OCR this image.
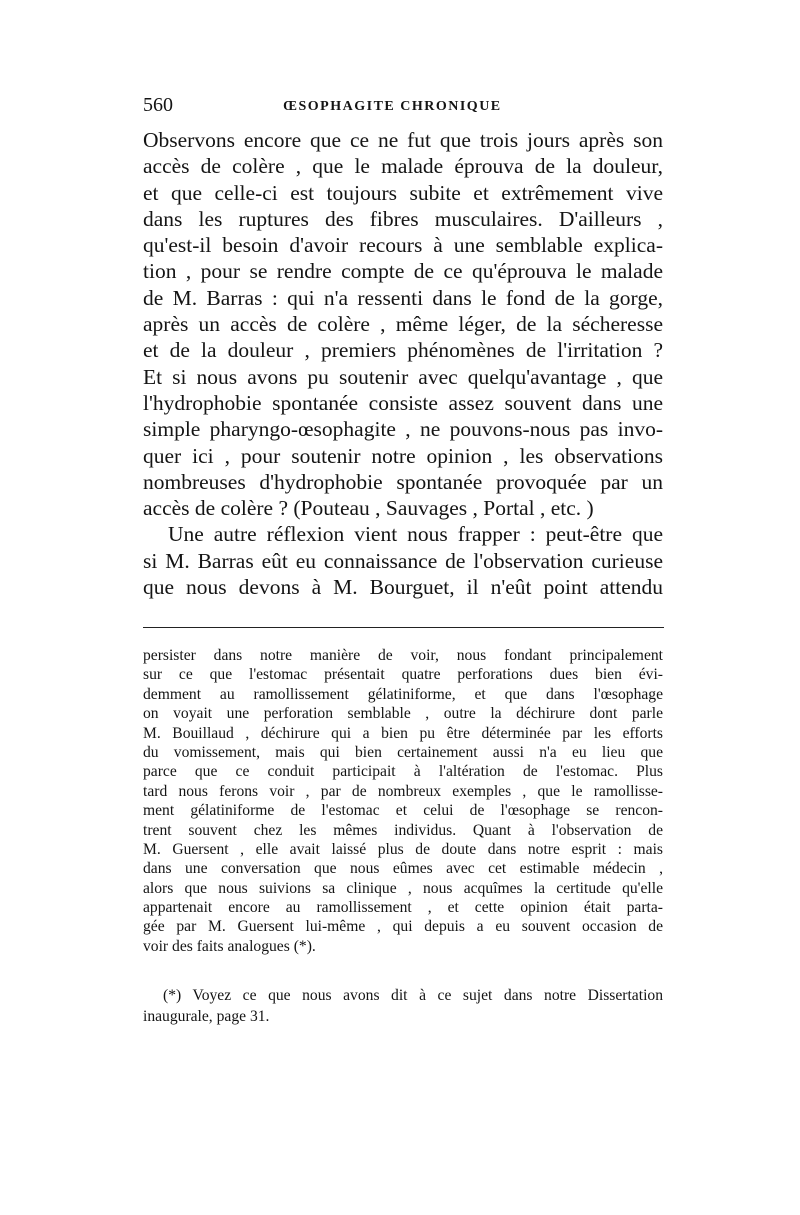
560	ŒSOPHAGITE CHRONIQUE
Observons encore que ce ne fut que trois jours après son
accès de colère , que le malade éprouva de la douleur,
et que celle-ci est toujours subite et extrêmement vive
dans les ruptures des fibres musculaires. D'ailleurs ,
qu'est-il besoin d'avoir recours à une semblable explica-
tion , pour se rendre compte de ce qu'éprouva le malade
de M. Barras : qui n'a ressenti dans le fond de la gorge,
après un accès de colère , même léger, de la sécheresse
et de la douleur , premiers phénomènes de l'irritation ?
Et si nous avons pu soutenir avec quelqu'avantage , que
l'hydrophobie spontanée consiste assez souvent dans une
simple pharyngo-œsophagite , ne pouvons-nous pas invo-
quer ici , pour soutenir notre opinion , les observations
nombreuses d'hydrophobie spontanée provoquée par un
accès de colère ? (Pouteau , Sauvages , Portal , etc. )
Une autre réflexion vient nous frapper : peut-être que
si M. Barras eût eu connaissance de l'observation curieuse
que nous devons à M. Bourguet, il n'eût point attendu
persister dans notre manière de voir, nous fondant principalement
sur ce que l'estomac présentait quatre perforations dues bien évi-
demment au ramollissement gélatiniforme, et que dans l'œsophage
on voyait une perforation semblable , outre la déchirure dont parle
M. Bouillaud , déchirure qui a bien pu être déterminée par les efforts
du vomissement, mais qui bien certainement aussi n'a eu lieu que
parce que ce conduit participait à l'altération de l'estomac. Plus
tard nous ferons voir , par de nombreux exemples , que le ramollisse-
ment gélatiniforme de l'estomac et celui de l'œsophage se rencon-
trent souvent chez les mêmes individus. Quant à l'observation de
M. Guersent , elle avait laissé plus de doute dans notre esprit : mais
dans une conversation que nous eûmes avec cet estimable médecin ,
alors que nous suivions sa clinique , nous acquîmes la certitude qu'elle
appartenait encore au ramollissement , et cette opinion était parta-
gée par M. Guersent lui-même , qui depuis a eu souvent occasion de
voir des faits analogues (*).
(*) Voyez ce que nous avons dit à ce sujet dans notre Dissertation
inaugurale, page 31.
